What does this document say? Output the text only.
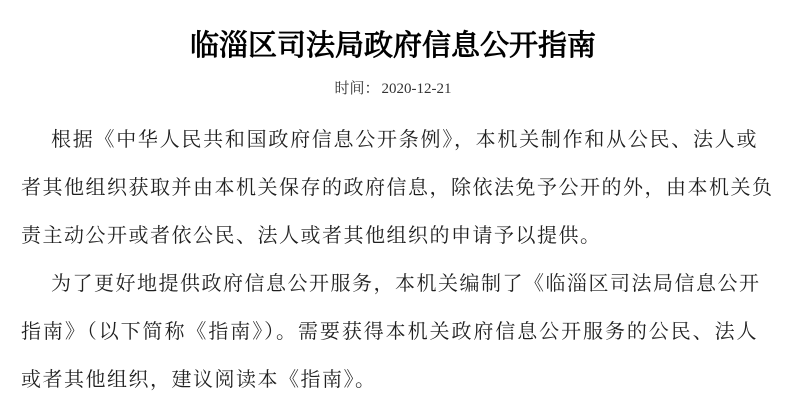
临淄区司法局政府信息公开指南
时间： 2020-12-21
根据《中华人民共和国政府信息公开条例》，本机关制作和从公民、法人或
者其他组织获取并由本机关保存的政府信息，除依法免予公开的外，由本机关负
责主动公开或者依公民、法人或者其他组织的申请予以提供。
为了更好地提供政府信息公开服务，本机关编制了《临淄区司法局信息公开
指南》（以下简称《指南》）。需要获得本机关政府信息公开服务的公民、法人
或者其他组织，建议阅读本《指南》。
